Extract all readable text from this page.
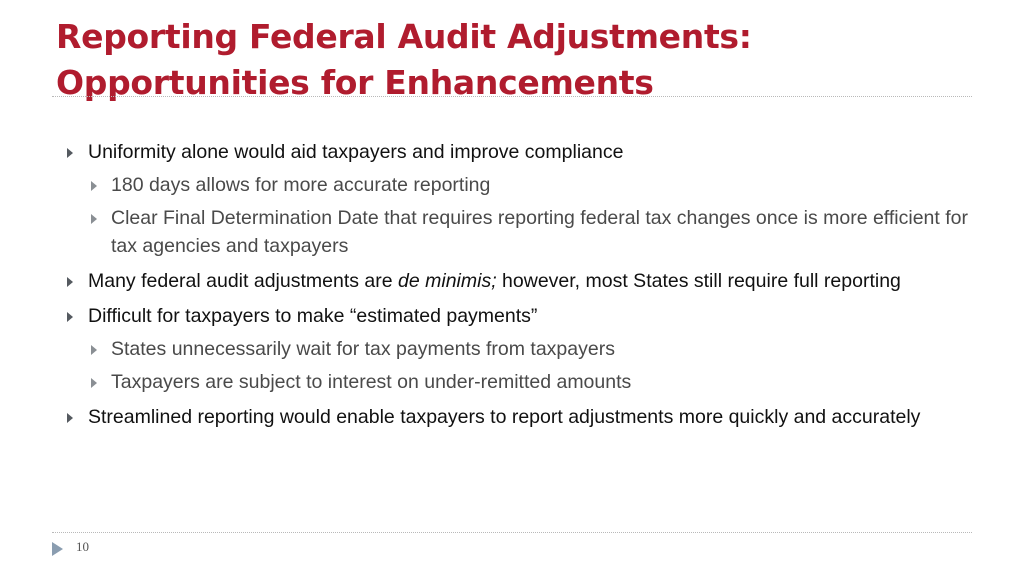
Reporting Federal Audit Adjustments:
Opportunities for Enhancements
Uniformity alone would aid taxpayers and improve compliance
180 days allows for more accurate reporting
Clear Final Determination Date that requires reporting federal tax changes once is more efficient for tax agencies and taxpayers
Many federal audit adjustments are de minimis; however, most States still require full reporting
Difficult for taxpayers to make “estimated payments”
States unnecessarily wait for tax payments from taxpayers
Taxpayers are subject to interest on under-remitted amounts
Streamlined reporting would enable taxpayers to report adjustments more quickly and accurately
10
